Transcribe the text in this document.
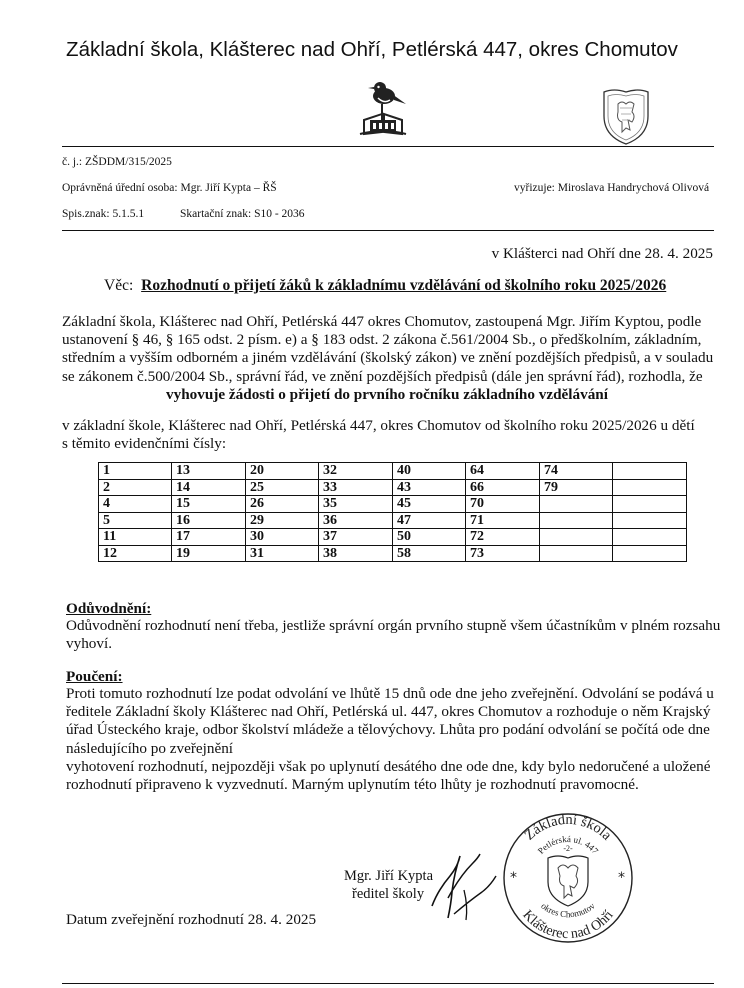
Základní škola, Klášterec nad Ohří, Petlérská 447, okres Chomutov
č. j.: ZŠDDM/315/2025
Oprávněná úřední osoba: Mgr. Jiří Kypta – ŘŠ	vyřizuje: Miroslava Handrychová Olivová
Spis.znak: 5.1.5.1	Skartační znak: S10 - 2036
v Klášterci nad Ohří dne 28. 4. 2025
Věc: Rozhodnutí o přijetí žáků k základnímu vzdělávání od školního roku 2025/2026
Základní škola, Klášterec nad Ohří, Petlérská 447 okres Chomutov, zastoupená Mgr. Jiřím Kyptou, podle
ustanovení § 46, § 165 odst. 2 písm. e) a § 183 odst. 2 zákona č.561/2004 Sb., o předškolním, základním,
středním a vyšším odborném a jiném vzdělávání (školský zákon) ve znění pozdějších předpisů, a v souladu
se zákonem č.500/2004 Sb., správní řád, ve znění pozdějších předpisů (dále jen správní řád), rozhodla, že
vyhovuje žádosti o přijetí do prvního ročníku základního vzdělávání
v základní škole, Klášterec nad Ohří, Petlérská 447, okres Chomutov od školního roku 2025/2026 u dětí
s těmito evidenčními čísly:
1	13	20	32	40	64	74	
2	14	25	33	43	66	79	
4	15	26	35	45	70		
5	16	29	36	47	71		
11	17	30	37	50	72		
12	19	31	38	58	73		
Odůvodnění:
Odůvodnění rozhodnutí není třeba, jestliže správní orgán prvního stupně všem účastníkům v plném rozsahu
vyhoví.
Poučení:
Proti tomuto rozhodnutí lze podat odvolání ve lhůtě 15 dnů ode dne jeho zveřejnění. Odvolání se podává u
ředitele Základní školy Klášterec nad Ohří, Petlérská ul. 447, okres Chomutov a rozhoduje o něm Krajský
úřad Ústeckého kraje, odbor školství mládeže a tělovýchovy. Lhůta pro podání odvolání se počítá ode dne
následujícího po zveřejnění
vyhotovení rozhodnutí, nejpozději však po uplynutí desátého dne ode dne, kdy bylo nedoručené a uložené
rozhodnutí připraveno k vyzvednutí. Marným uplynutím této lhůty je rozhodnutí pravomocné.
Mgr. Jiří Kypta
ředitel školy
Základní škola
Petlérská ul. 447
-2-
Klášterec nad Ohří
okres Chomutov
*	*
Datum zveřejnění rozhodnutí 28. 4. 2025
